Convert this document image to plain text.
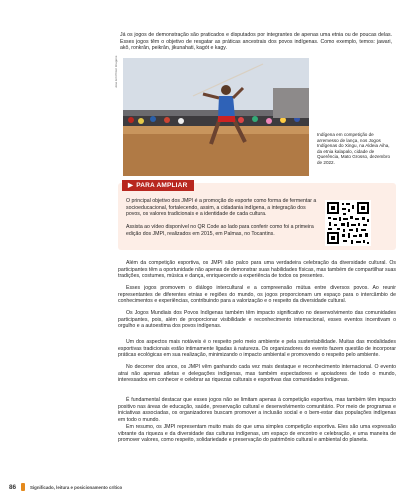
Já os jogos de demonstração são praticados e disputados por integrantes de apenas uma etnia ou de poucas delas. Esses jogos têm o objetivo de resgatar as práticas ancestrais dos povos indígenas. Como exemplo, temos: jawari, akô, ronkrân, peikrân, jikunahati, kagót e kagy.

Jose Erli Pinto/ Imagens

Indígena em competição de arremesso de lança, nos Jogos Indígenas do Xingu, na Aldeia Aiha, da etnia kalapalo, cidade de Querência, Mato Grosso, dezembro de 2022.

▶ PARA AMPLIAR

O principal objetivo dos JMPI é a promoção do esporte como forma de fermentar a socioeducacional, fortalecendo, assim, a cidadania indígena, a integração dos povos, os valores tradicionais e a identidade de cada cultura.

Assista ao vídeo disponível no QR Code ao lado para conferir como foi a primeira edição dos JMPI, realizados em 2015, em Palmas, no Tocantins.

Além da competição esportiva, os JMPI são palco para uma verdadeira celebração da diversidade cultural. Os participantes têm a oportunidade não apenas de demonstrar suas habilidades físicas, mas também de compartilhar suas tradições, costumes, música e dança, enriquecendo a experiência de todos os presentes.

Esses jogos promovem o diálogo intercultural e a compreensão mútua entre diversos povos. Ao reunir representantes de diferentes etnias e regiões do mundo, os jogos proporcionam um espaço para o intercâmbio de conhecimentos e experiências, contribuindo para a valorização e o respeito da diversidade cultural.

Os Jogos Mundiais dos Povos Indígenas também têm impacto significativo no desenvolvimento das comunidades participantes, pois, além de proporcionar visibilidade e reconhecimento internacional, esses eventos incentivam o orgulho e a autoestima dos povos indígenas.

Um dos aspectos mais notáveis é o respeito pelo meio ambiente e pela sustentabilidade. Muitas das modalidades esportivas tradicionais estão intimamente ligadas à natureza. Os organizadores do evento fazem questão de incorporar práticas ecológicas em sua realização, minimizando o impacto ambiental e promovendo o respeito pelo ambiente.

No decorrer dos anos, os JMPI vêm ganhando cada vez mais destaque e reconhecimento internacional. O evento atrai não apenas atletas e delegações indígenas, mas também espectadores e apoiadores de todo o mundo, interessados em conhecer e celebrar as riquezas culturais e esportivas das comunidades indígenas.

É fundamental destacar que esses jogos não se limitam apenas à competição esportiva, mas também têm impacto positivo nas áreas de educação, saúde, preservação cultural e desenvolvimento comunitário. Por meio de programas e iniciativas associadas, os organizadores buscam promover a inclusão social e o bem-estar das populações indígenas em todo o mundo.

Em resumo, os JMPI representam muito mais do que uma simples competição esportiva. Eles são uma expressão vibrante da riqueza e da diversidade das culturas indígenas, um espaço de encontro e celebração, e uma maneira de promover valores, como respeito, solidariedade e preservação do patrimônio cultural e ambiental do planeta.

86	Significado, leitura e posicionamento crítico
